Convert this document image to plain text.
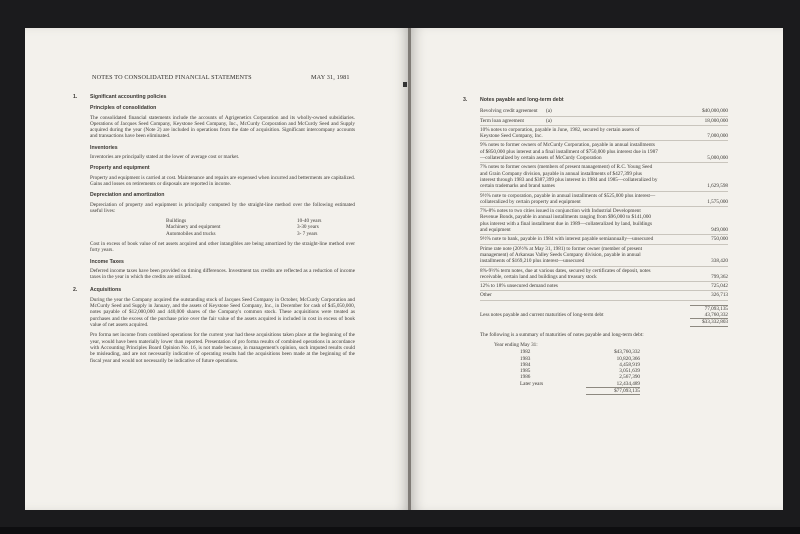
NOTES TO CONSOLIDATED FINANCIAL STATEMENTS	MAY 31, 1981
1. Significant accounting policies
Principles of consolidation

The consolidated financial statements include the accounts of Agrigenetics Corporation and its wholly-owned subsidiaries. Operations of Jacques Seed Company, Keystone Seed Company, Inc., McCurdy Corporation and McCurdy Seed and Supply acquired during the year (Note 2) are included in operations from the date of acquisition. Significant intercompany accounts and transactions have been eliminated.

Inventories

Inventories are principally stated at the lower of average cost or market.

Property and equipment

Property and equipment is carried at cost. Maintenance and repairs are expensed when incurred and betterments are capitalized. Gains and losses on retirements or disposals are reported in income.

Depreciation and amortization

Depreciation of property and equipment is principally computed by the straight-line method over the following estimated useful lives:

Buildings	10-40 years
Machinery and equipment	3-30 years
Automobiles and trucks	3- 7 years

Cost in excess of book value of net assets acquired and other intangibles are being amortized by the straight-line method over forty years.

Income Taxes

Deferred income taxes have been provided on timing differences. Investment tax credits are reflected as a reduction of income taxes in the year in which the credits are utilized.

2. Acquisitions

During the year the Company acquired the outstanding stock of Jacques Seed Company in October, McCurdy Corporation and McCurdy Seed and Supply in January, and the assets of Keystone Seed Company, Inc., in December for cash of $45,050,000, notes payable of $12,000,000 and 440,000 shares of the Company's common stock. These acquisitions were treated as purchases and the excess of the purchase price over the fair value of the assets acquired is included in cost in excess of book value of net assets acquired.

Pro forma net income from combined operations for the current year had these acquisitions taken place at the beginning of the year, would have been materially lower than reported. Presentation of pro forma results of combined operations in accordance with Accounting Principles Board Opinion No. 16, is not made because, in management's opinion, such imputed results could be misleading, and are not necessarily indicative of operating results had the acquisitions been made at the beginning of the fiscal year and would not necessarily be indicative of future operations.

3. Notes payable and long-term debt
Revolving credit agreement	(a)	$40,000,000
Term loan agreement	(a)	18,000,000
10% notes to corporation, payable in June, 1982, secured by certain assets of Keystone Seed Company, Inc.	7,000,000
9% notes to former owners of McCurdy Corporation, payable in annual installments of $850,000 plus interest and a final installment of $750,000 plus interest due in 1987—collateralized by certain assets of McCurdy Corporation	5,000,000
7% notes to former owners (members of present management) of R.C. Young Seed and Grain Company division, payable in annual installments of $427,399 plus interest through 1983 and $387,399 plus interest in 1984 and 1985—collateralized by certain trademarks and brand names	1,629,598
9½% note to corporation, payable in annual installments of $525,000 plus interest—collateralized by certain property and equipment	1,575,000
7%-8% notes to two cities issued in conjunction with Industrial Development Revenue Bonds, payable in annual installments ranging from $96,000 to $141,000 plus interest with a final installment due in 1989—collateralized by land, buildings and equipment	949,000
9½% note to bank, payable in 1984 with interest payable semiannually—unsecured	750,000
Prime rate note (20½% at May 31, 1981) to former owner (member of present management) of Arkansas Valley Seeds Company division, payable in annual installments of $169,210 plus interest—unsecured	338,420
8%-9½% term notes, due at various dates, secured by certificates of deposit, notes receivable, certain land and buildings and treasury stock	799,362
12% to 18% unsecured demand notes	725,042
Other	326,713
77,093,135
Less notes payable and current maturities of long-term debt	43,760,332
$33,332,803

The following is a summary of maturities of notes payable and long-term debt:

Year ending May 31:
1982	$43,760,332
1983	10,820,366
1984	4,458,919
1985	3,051,639
1986	2,567,390
Later years	12,434,489
$77,093,135
